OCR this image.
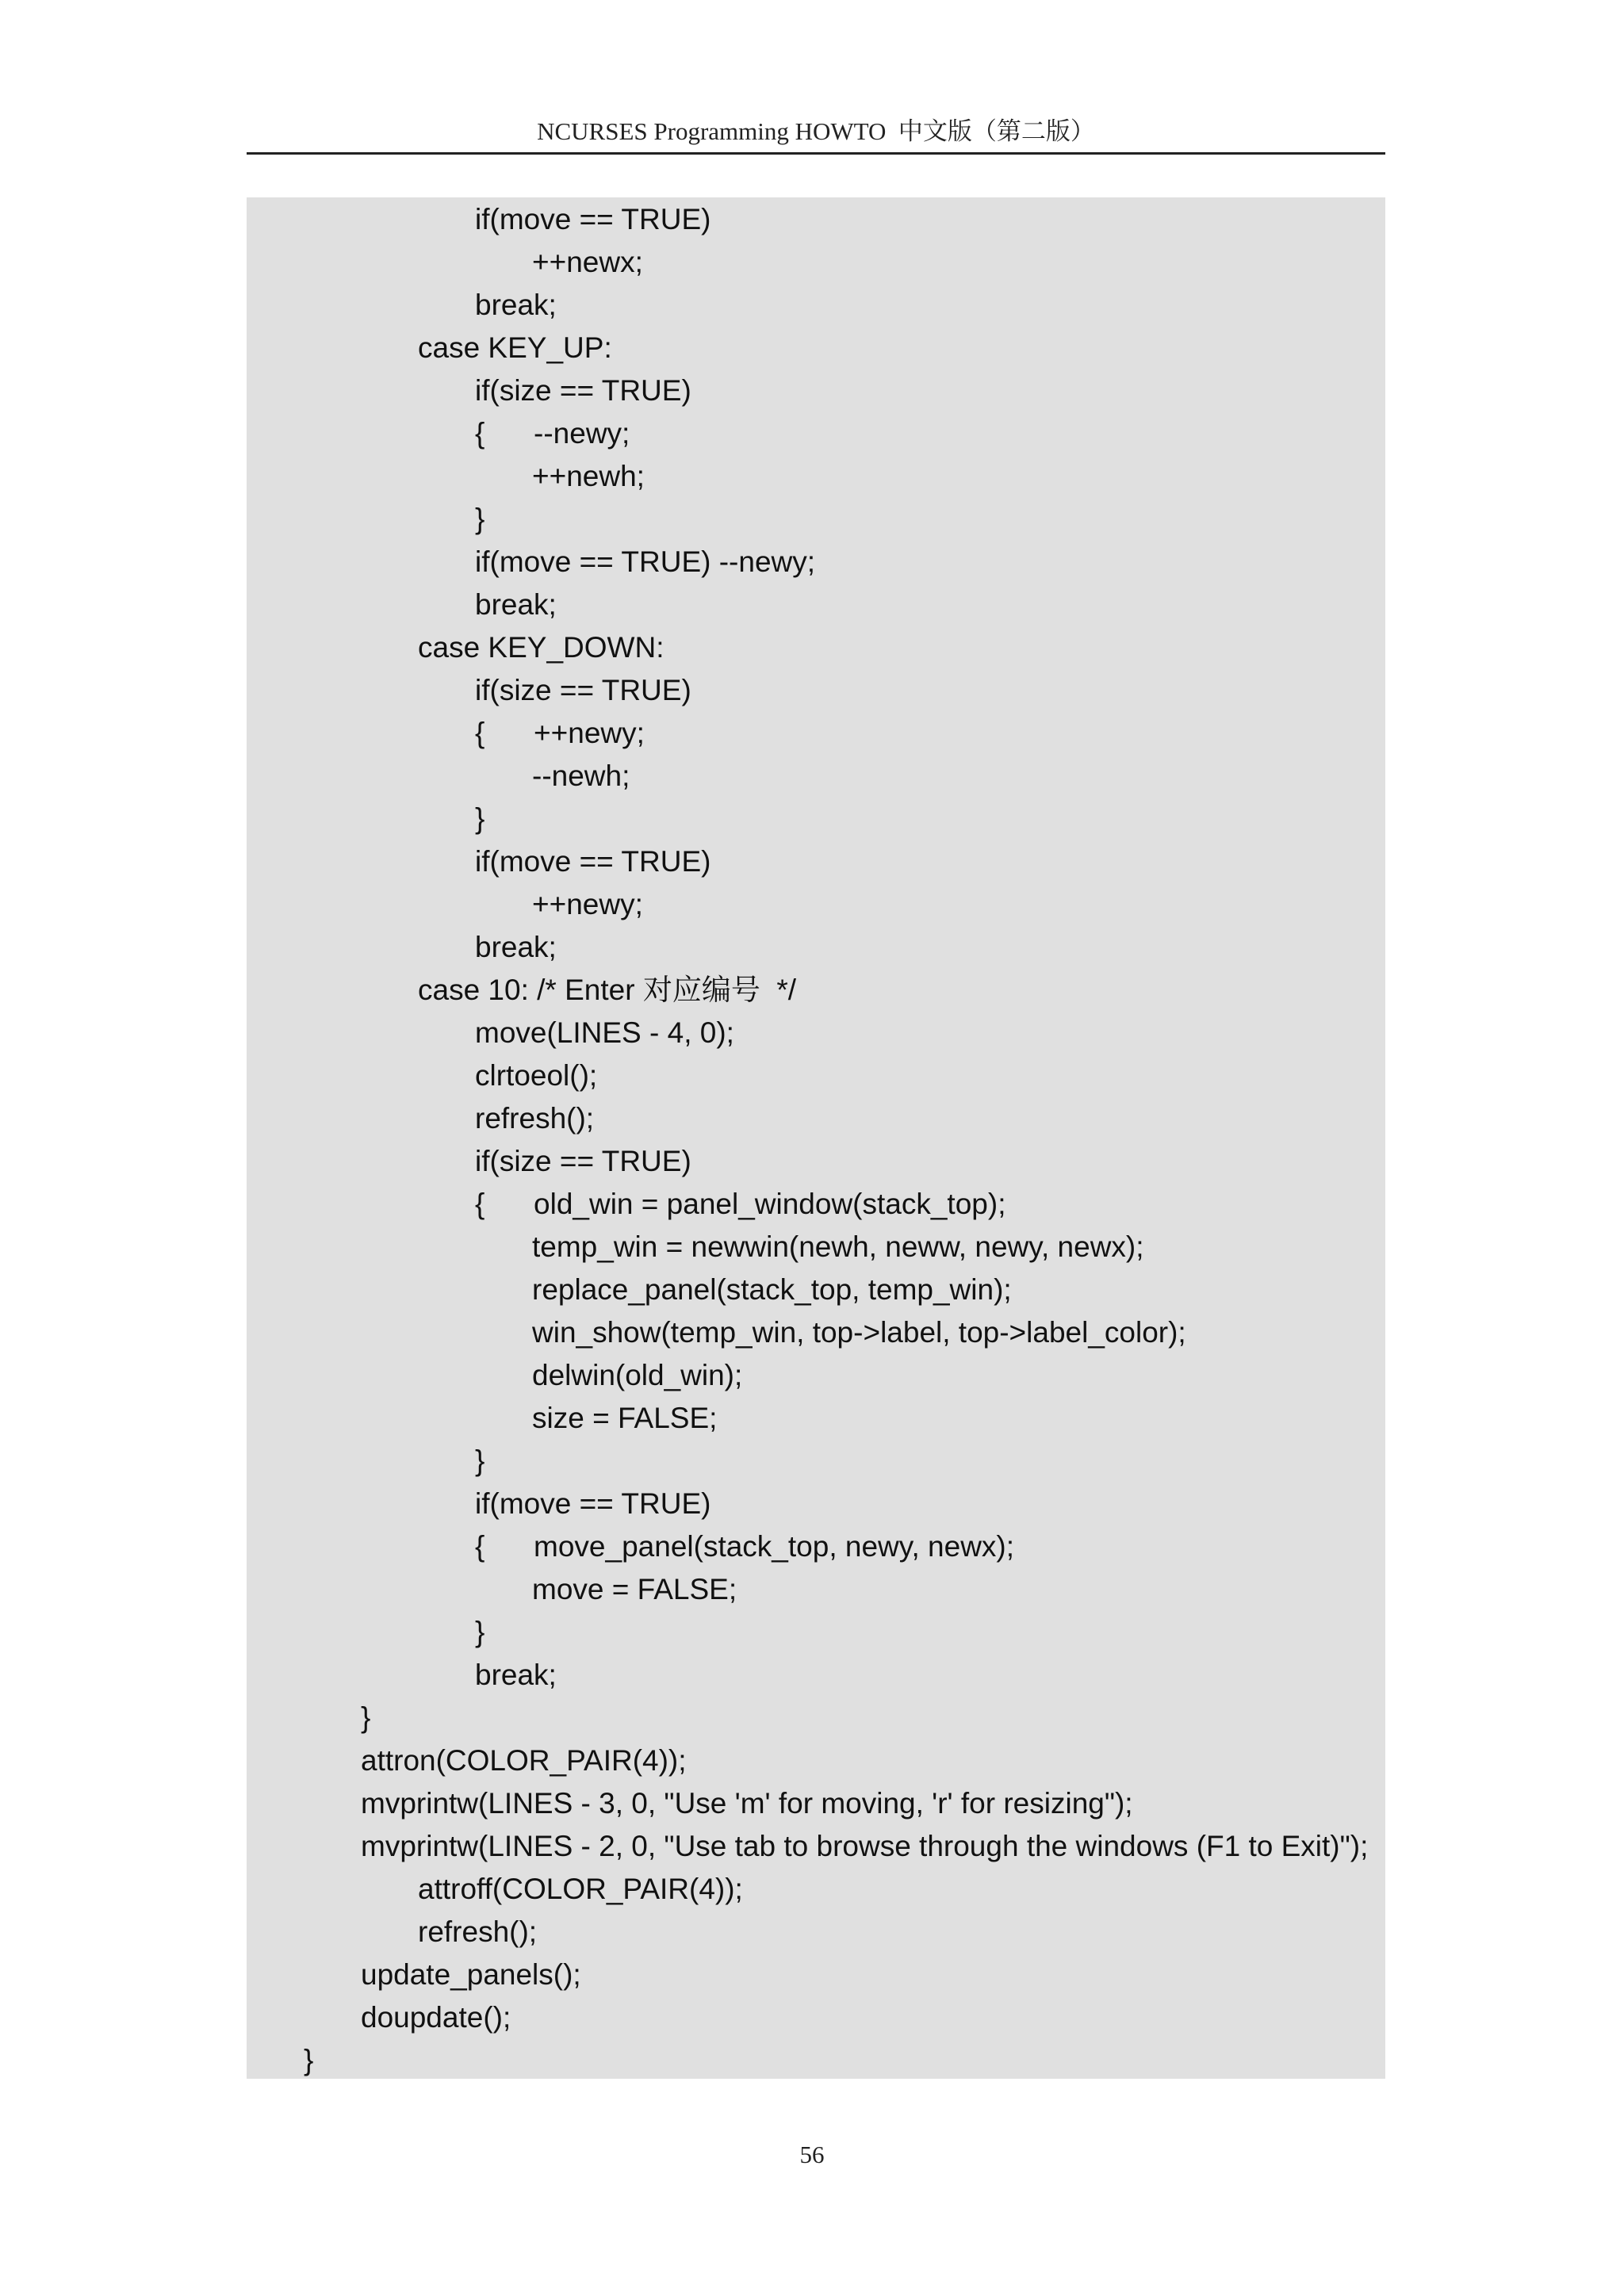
NCURSES Programming HOWTO  中文版（第二版）
if(move == TRUE)
++newx;
break;
case KEY_UP:
if(size == TRUE)
{      --newy;
++newh;
}
if(move == TRUE) --newy;
break;
case KEY_DOWN:
if(size == TRUE)
{      ++newy;
--newh;
}
if(move == TRUE)
++newy;
break;
case 10: /* Enter 对应编号  */
move(LINES - 4, 0);
clrtoeol();
refresh();
if(size == TRUE)
{      old_win = panel_window(stack_top);
temp_win = newwin(newh, neww, newy, newx);
replace_panel(stack_top, temp_win);
win_show(temp_win, top->label, top->label_color);
delwin(old_win);
size = FALSE;
}
if(move == TRUE)
{      move_panel(stack_top, newy, newx);
move = FALSE;
}
break;
}
attron(COLOR_PAIR(4));
mvprintw(LINES - 3, 0, "Use 'm' for moving, 'r' for resizing");
mvprintw(LINES - 2, 0, "Use tab to browse through the windows (F1 to Exit)");
attroff(COLOR_PAIR(4));
refresh();
update_panels();
doupdate();
}
56
